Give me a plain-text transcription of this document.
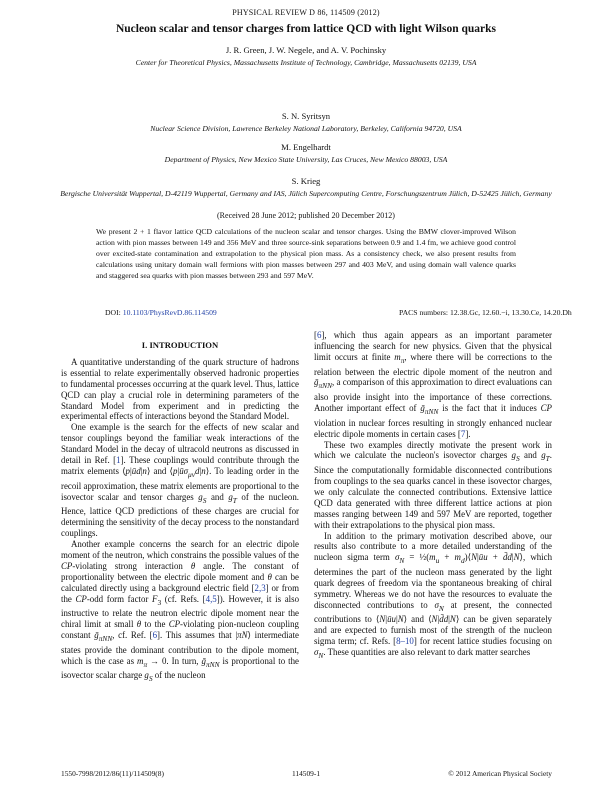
PHYSICAL REVIEW D 86, 114509 (2012)
Nucleon scalar and tensor charges from lattice QCD with light Wilson quarks
J. R. Green, J. W. Negele, and A. V. Pochinsky
Center for Theoretical Physics, Massachusetts Institute of Technology, Cambridge, Massachusetts 02139, USA
S. N. Syritsyn
Nuclear Science Division, Lawrence Berkeley National Laboratory, Berkeley, California 94720, USA
M. Engelhardt
Department of Physics, New Mexico State University, Las Cruces, New Mexico 88003, USA
S. Krieg
Bergische Universität Wuppertal, D-42119 Wuppertal, Germany and IAS, Jülich Supercomputing Centre, Forschungszentrum Jülich, D-52425 Jülich, Germany
(Received 28 June 2012; published 20 December 2012)
We present 2 + 1 flavor lattice QCD calculations of the nucleon scalar and tensor charges. Using the BMW clover-improved Wilson action with pion masses between 149 and 356 MeV and three source-sink separations between 0.9 and 1.4 fm, we achieve good control over excited-state contamination and extrapolation to the physical pion mass. As a consistency check, we also present results from calculations using unitary domain wall fermions with pion masses between 297 and 403 MeV, and using domain wall valence quarks and staggered sea quarks with pion masses between 293 and 597 MeV.
DOI: 10.1103/PhysRevD.86.114509	PACS numbers: 12.38.Gc, 12.60.−i, 13.30.Ce, 14.20.Dh
I. INTRODUCTION

A quantitative understanding of the quark structure of hadrons is essential to relate experimentally observed hadronic properties to fundamental processes occurring at the quark level. Thus, lattice QCD can play a crucial role in determining parameters of the Standard Model from experiment and in predicting the experimental effects of interactions beyond the Standard Model.

One example is the search for the effects of new scalar and tensor couplings beyond the familiar weak interactions of the Standard Model in the decay of ultracold neutrons as discussed in detail in Ref. [1]. These couplings would contribute through the matrix elements ⟨p|ūd|n⟩ and $⟨p|ū\sigma_{\mu\nu}d|n⟩$. To leading order in the recoil approximation, these matrix elements are proportional to the isovector scalar and tensor charges $g_S$ and $g_T$ of the nucleon. Hence, lattice QCD predictions of these charges are crucial for determining the sensitivity of the decay process to the nonstandard couplings.

Another example concerns the search for an electric dipole moment of the neutron, which constrains the possible values of the CP-violating strong interaction θ angle. The constant of proportionality between the electric dipole moment and θ can be calculated directly using a background electric field [2,3] or from the CP-odd form factor $F_3$ (cf. Refs. [4,5]). However, it is also instructive to relate the neutron electric dipole moment near the chiral limit at small θ to the CP-violating pion-nucleon coupling constant ḡ$_{\pi NN}$, cf. Ref. [6]. This assumes that |πN⟩ intermediate states provide the dominant contribution to the dipole moment, which is the case as $m_\pi \to 0$. In turn, ḡ$_{\pi NN}$ is proportional to the isovector scalar charge $g_S$ of the nucleon

[6], which thus again appears as an important parameter influencing the search for new physics. Given that the physical limit occurs at finite $m_\pi$, where there will be corrections to the relation between the electric dipole moment of the neutron and ḡ$_{\pi NN}$, a comparison of this approximation to direct evaluations can also provide insight into the importance of these corrections. Another important effect of ḡ$_{\pi NN}$ is the fact that it induces CP violation in nuclear forces resulting in strongly enhanced nuclear electric dipole moments in certain cases [7].

These two examples directly motivate the present work in which we calculate the nucleon's isovector charges $g_S$ and $g_T$. Since the computationally formidable disconnected contributions from couplings to the sea quarks cancel in these isovector charges, we only calculate the connected contributions. Extensive lattice QCD data generated with three different lattice actions at pion masses ranging between 149 and 597 MeV are reported, together with their extrapolations to the physical pion mass.

In addition to the primary motivation described above, our results also contribute to a more detailed understanding of the nucleon sigma term $\sigma_N$ = $\frac{1}{2}(m_u$ + $m_d)⟨N|ūu$ + d̄d|N⟩, which determines the part of the nucleon mass generated by the light quark degrees of freedom via the spontaneous breaking of chiral symmetry. Whereas we do not have the resources to evaluate the disconnected contributions to $\sigma_N$ at present, the connected contributions to ⟨N|ūu|N⟩ and ⟨N|d̄d|N⟩ can be given separately and are expected to furnish most of the strength of the nucleon sigma term; cf. Refs. [8–10] for recent lattice studies focusing on $\sigma_N$. These quantities are also relevant to dark matter searches

1550-7998/2012/86(11)/114509(8)	114509-1	© 2012 American Physical Society
